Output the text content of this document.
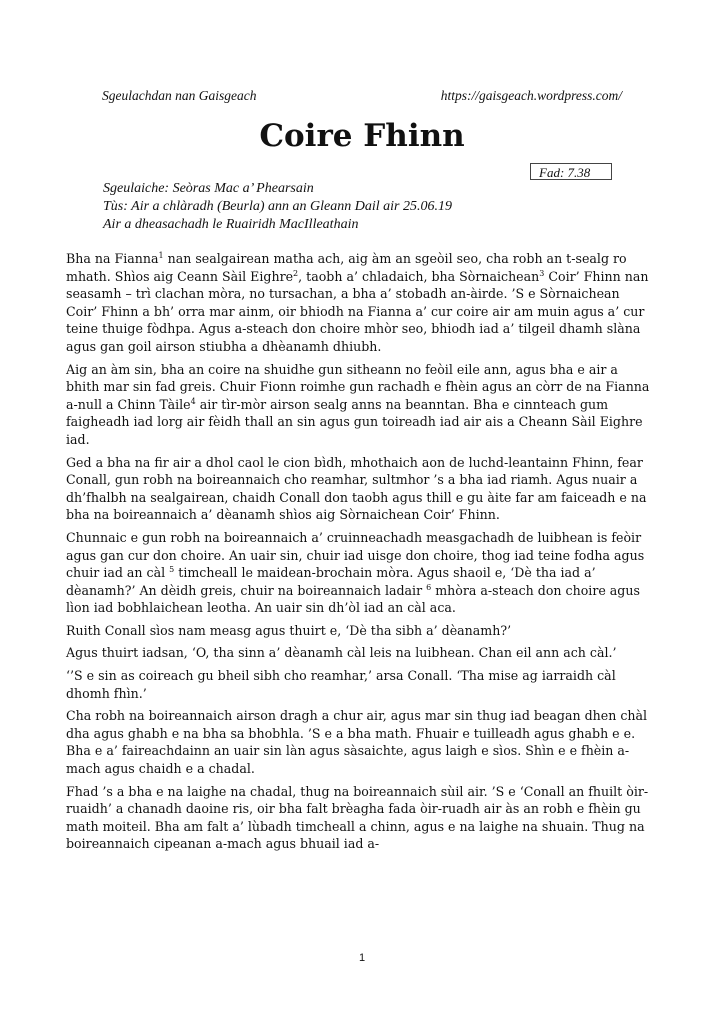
Sgeulachdan nan Gaisgeach	https://gaisgeach.wordpress.com/
Coire Fhinn
Fad: 7.38
Sgeulaiche: Seòras Mac a’ Phearsain
Tùs: Air a chlàradh (Beurla) ann an Gleann Dail air 25.06.19
Air a dheasachadh le Ruairidh MacIlleathain

Bha na Fianna$^1$ nan sealgairean matha ach, aig àm an sgeòil seo, cha robh an t-sealg ro mhath. Shìos aig Ceann Sàil Eighre$^2$, taobh a’ chladaich, bha Sòrnaichean$^3$ Coir’ Fhinn nan seasamh – trì clachan mòra, no tursachan, a bha a’ stobadh an-àirde. ’S e Sòrnaichean Coir’ Fhinn a bh’ orra mar ainm, oir bhiodh na Fianna a’ cur coire air am muin agus a’ cur teine thuige fòdhpa. Agus a-steach don choire mhòr seo, bhiodh iad a’ tilgeil dhamh slàna agus gan goil airson stiubha a dhèanamh dhiubh.

Aig an àm sin, bha an coire na shuidhe gun sitheann no feòil eile ann, agus bha e air a bhith mar sin fad greis. Chuir Fionn roimhe gun rachadh e fhèin agus an còrr de na Fianna a-null a Chinn Tàile$^4$ air tìr-mòr airson sealg anns na beanntan. Bha e cinnteach gum faigheadh iad lorg air fèidh thall an sin agus gun toireadh iad air ais a Cheann Sàil Eighre iad.

Ged a bha na fir air a dhol caol le cion bìdh, mhothaich aon de luchd-leantainn Fhinn, fear Conall, gun robh na boireannaich cho reamhar, sultmhor ’s a bha iad riamh. Agus nuair a dh’fhalbh na sealgairean, chaidh Conall don taobh agus thill e gu àite far am faiceadh e na bha na boireannaich a’ dèanamh shìos aig Sòrnaichean Coir’ Fhinn.

Chunnaic e gun robh na boireannaich a’ cruinneachadh measgachadh de luibhean is feòir agus gan cur don choire. An uair sin, chuir iad uisge don choire, thog iad teine fodha agus chuir iad an càl $^5$ timcheall le maidean-brochain mòra. Agus shaoil e, ‘Dè tha iad a’ dèanamh?’ An dèidh greis, chuir na boireannaich ladair $^6$ mhòra a-steach don choire agus lìon iad bobhlaichean leotha. An uair sin dh’òl iad an càl aca.

Ruith Conall sìos nam measg agus thuirt e, ‘Dè tha sibh a’ dèanamh?’

Agus thuirt iadsan, ‘O, tha sinn a’ dèanamh càl leis na luibhean. Chan eil ann ach càl.’

‘’S e sin as coireach gu bheil sibh cho reamhar,’ arsa Conall. ‘Tha mise ag iarraidh càl dhomh fhìn.’

Cha robh na boireannaich airson dragh a chur air, agus mar sin thug iad beagan dhen chàl dha agus ghabh e na bha sa bhobhla. ’S e a bha math. Fhuair e tuilleadh agus ghabh e e. Bha e a’ faireachdainn an uair sin làn agus sàsaichte, agus laigh e sìos. Shìn e e fhèin a-mach agus chaidh e a chadal.

Fhad ’s a bha e na laighe na chadal, thug na boireannaich sùil air. ’S e ‘Conall an fhuilt òir-ruaidh’ a chanadh daoine ris, oir bha falt brèagha fada òir-ruadh air às an robh e fhèin gu math moiteil. Bha am falt a’ lùbadh timcheall a chinn, agus e na laighe na shuain. Thug na boireannaich cipeanan a-mach agus bhuail iad a-

1
